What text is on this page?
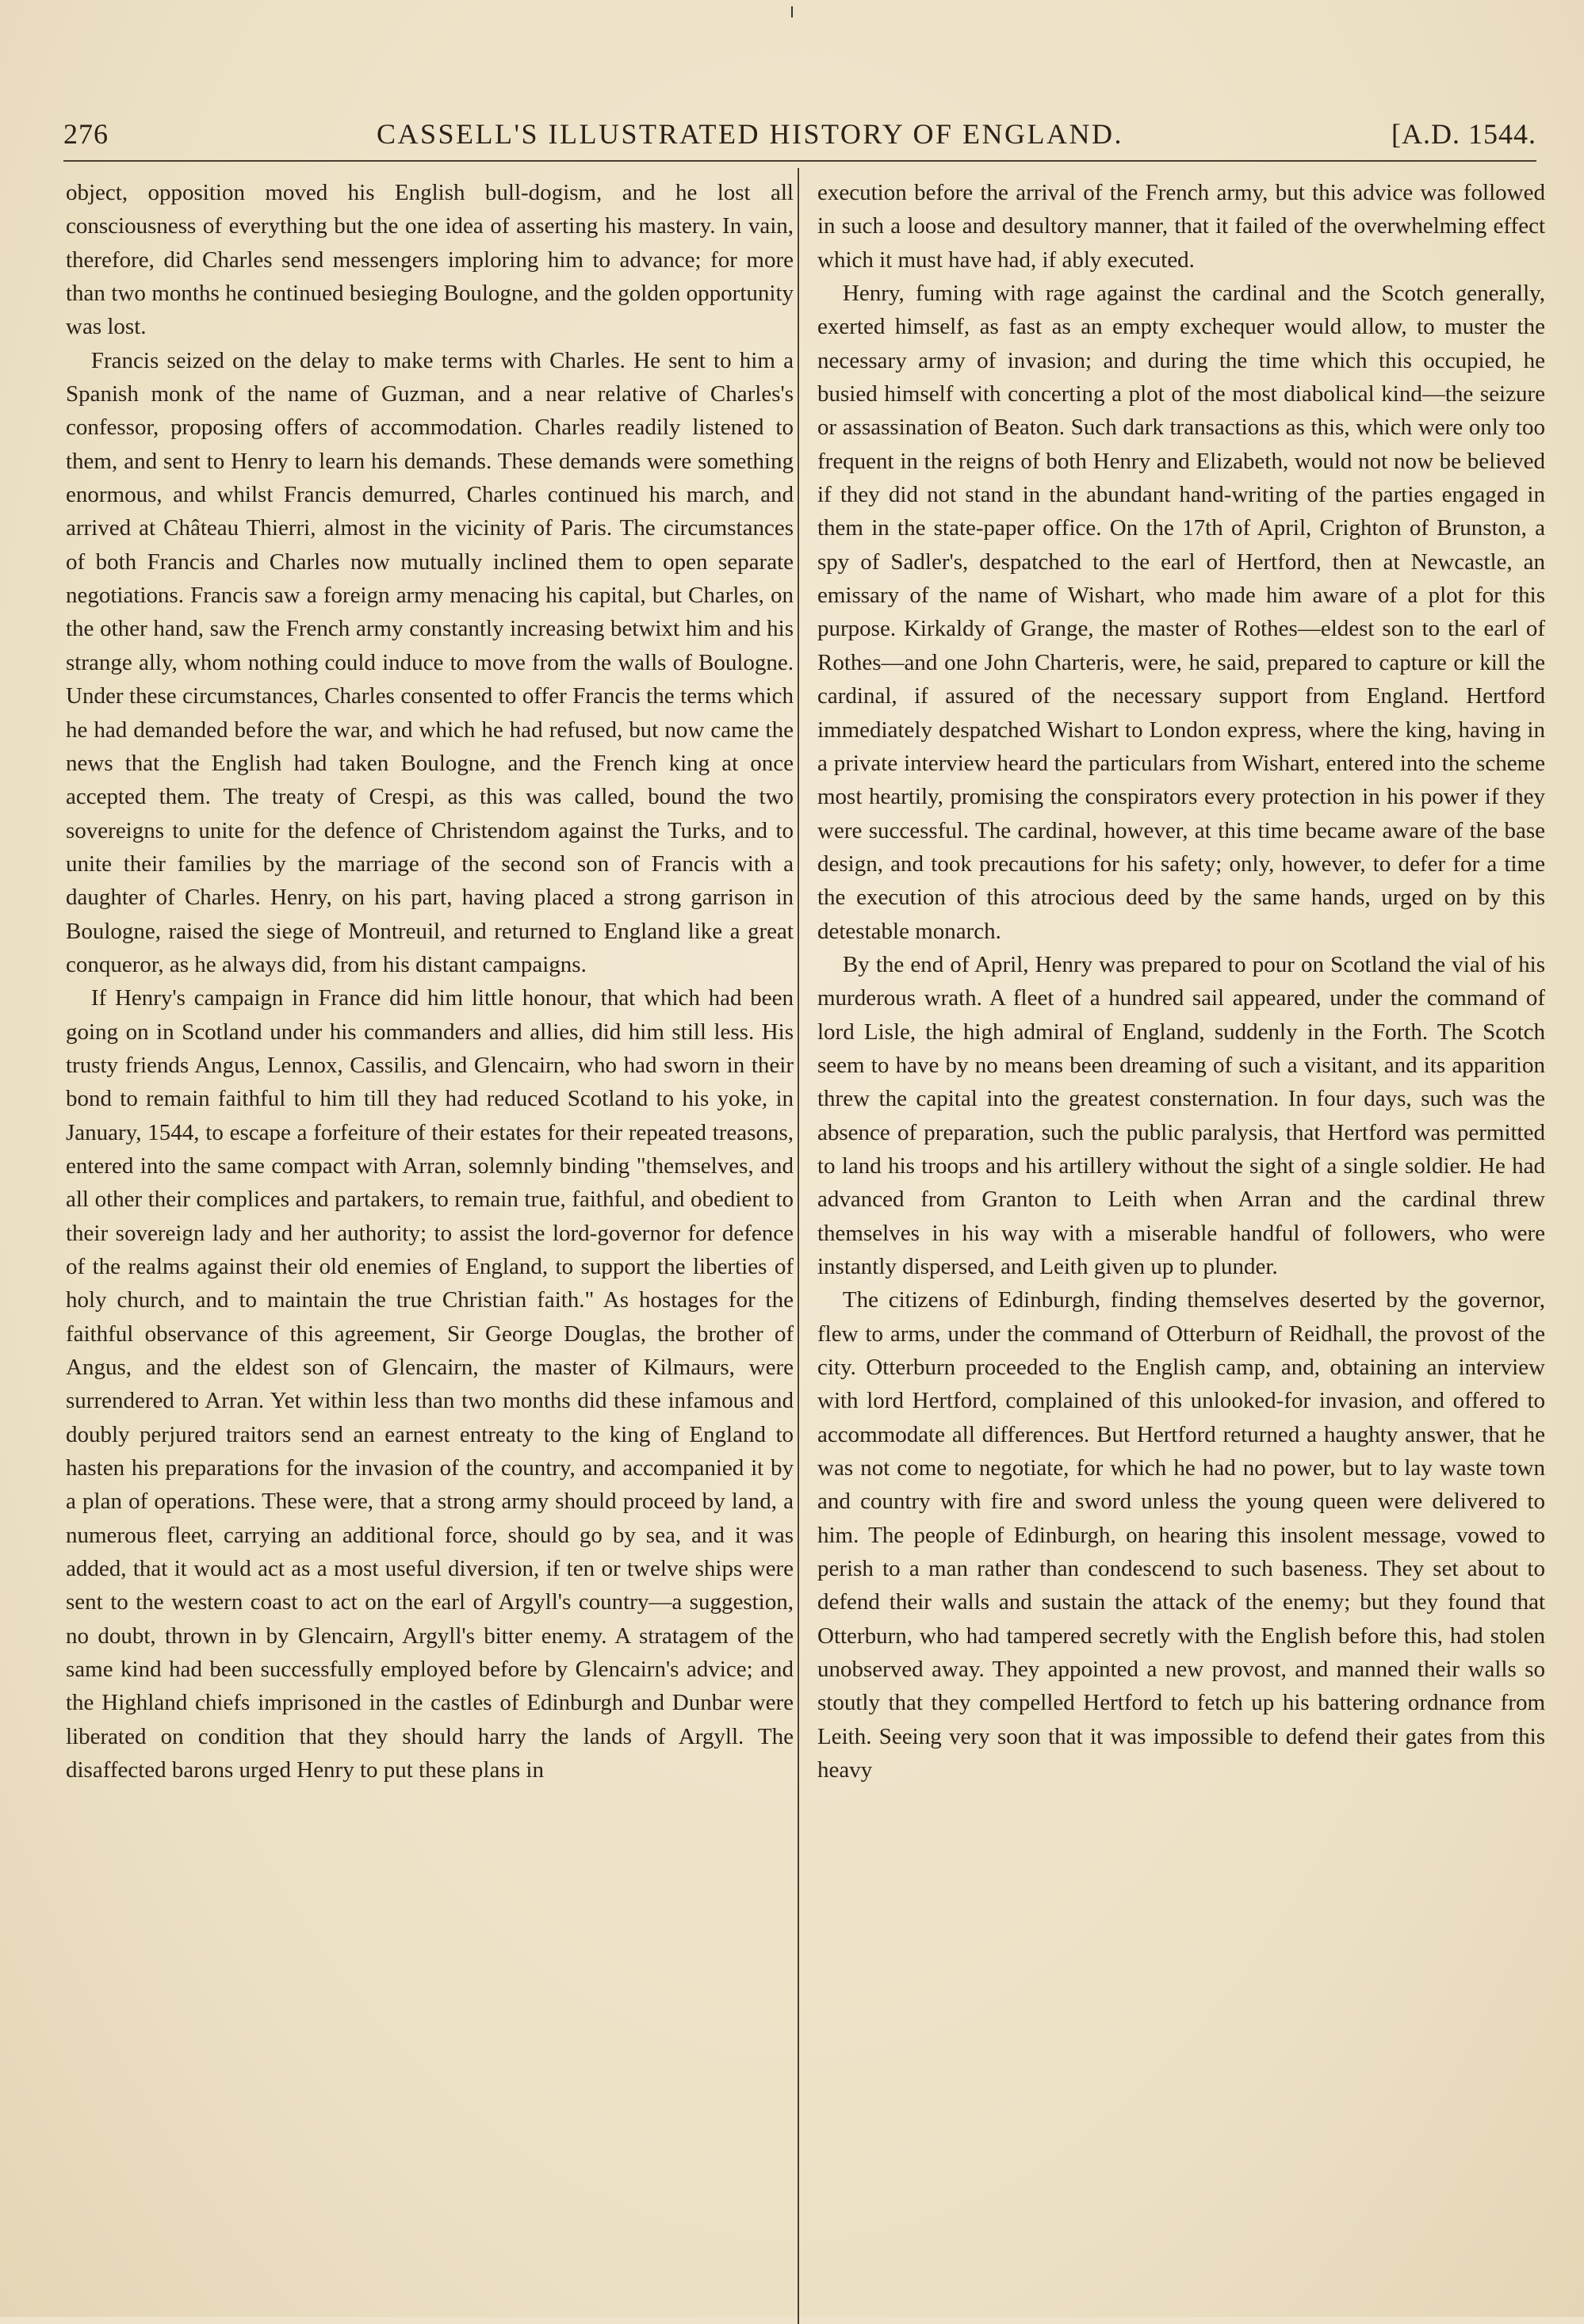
276	CASSELL'S ILLUSTRATED HISTORY OF ENGLAND.	[A.D. 1544.

object, opposition moved his English bull-dogism, and he lost all consciousness of everything but the one idea of asserting his mastery. In vain, therefore, did Charles send messengers imploring him to advance; for more than two months he continued besieging Boulogne, and the golden opportunity was lost.

Francis seized on the delay to make terms with Charles. He sent to him a Spanish monk of the name of Guzman, and a near relative of Charles's confessor, proposing offers of accommodation. Charles readily listened to them, and sent to Henry to learn his demands. These demands were something enormous, and whilst Francis demurred, Charles continued his march, and arrived at Château Thierri, almost in the vicinity of Paris. The circumstances of both Francis and Charles now mutually inclined them to open separate negotiations. Francis saw a foreign army menacing his capital, but Charles, on the other hand, saw the French army constantly increasing betwixt him and his strange ally, whom nothing could induce to move from the walls of Boulogne. Under these circumstances, Charles consented to offer Francis the terms which he had demanded before the war, and which he had refused, but now came the news that the English had taken Boulogne, and the French king at once accepted them. The treaty of Crespi, as this was called, bound the two sovereigns to unite for the defence of Christendom against the Turks, and to unite their families by the marriage of the second son of Francis with a daughter of Charles. Henry, on his part, having placed a strong garrison in Boulogne, raised the siege of Montreuil, and returned to England like a great conqueror, as he always did, from his distant campaigns.

If Henry's campaign in France did him little honour, that which had been going on in Scotland under his commanders and allies, did him still less. His trusty friends Angus, Lennox, Cassilis, and Glencairn, who had sworn in their bond to remain faithful to him till they had reduced Scotland to his yoke, in January, 1544, to escape a forfeiture of their estates for their repeated treasons, entered into the same compact with Arran, solemnly binding "themselves, and all other their complices and partakers, to remain true, faithful, and obedient to their sovereign lady and her authority; to assist the lord-governor for defence of the realms against their old enemies of England, to support the liberties of holy church, and to maintain the true Christian faith." As hostages for the faithful observance of this agreement, Sir George Douglas, the brother of Angus, and the eldest son of Glencairn, the master of Kilmaurs, were surrendered to Arran. Yet within less than two months did these infamous and doubly perjured traitors send an earnest entreaty to the king of England to hasten his preparations for the invasion of the country, and accompanied it by a plan of operations. These were, that a strong army should proceed by land, a numerous fleet, carrying an additional force, should go by sea, and it was added, that it would act as a most useful diversion, if ten or twelve ships were sent to the western coast to act on the earl of Argyll's country—a suggestion, no doubt, thrown in by Glencairn, Argyll's bitter enemy. A stratagem of the same kind had been successfully employed before by Glencairn's advice; and the Highland chiefs imprisoned in the castles of Edinburgh and Dunbar were liberated on condition that they should harry the lands of Argyll. The disaffected barons urged Henry to put these plans in

execution before the arrival of the French army, but this advice was followed in such a loose and desultory manner, that it failed of the overwhelming effect which it must have had, if ably executed.

Henry, fuming with rage against the cardinal and the Scotch generally, exerted himself, as fast as an empty exchequer would allow, to muster the necessary army of invasion; and during the time which this occupied, he busied himself with concerting a plot of the most diabolical kind—the seizure or assassination of Beaton. Such dark transactions as this, which were only too frequent in the reigns of both Henry and Elizabeth, would not now be believed if they did not stand in the abundant hand-writing of the parties engaged in them in the state-paper office. On the 17th of April, Crighton of Brunston, a spy of Sadler's, despatched to the earl of Hertford, then at Newcastle, an emissary of the name of Wishart, who made him aware of a plot for this purpose. Kirkaldy of Grange, the master of Rothes—eldest son to the earl of Rothes—and one John Charteris, were, he said, prepared to capture or kill the cardinal, if assured of the necessary support from England. Hertford immediately despatched Wishart to London express, where the king, having in a private interview heard the particulars from Wishart, entered into the scheme most heartily, promising the conspirators every protection in his power if they were successful. The cardinal, however, at this time became aware of the base design, and took precautions for his safety; only, however, to defer for a time the execution of this atrocious deed by the same hands, urged on by this detestable monarch.

By the end of April, Henry was prepared to pour on Scotland the vial of his murderous wrath. A fleet of a hundred sail appeared, under the command of lord Lisle, the high admiral of England, suddenly in the Forth. The Scotch seem to have by no means been dreaming of such a visitant, and its apparition threw the capital into the greatest consternation. In four days, such was the absence of preparation, such the public paralysis, that Hertford was permitted to land his troops and his artillery without the sight of a single soldier. He had advanced from Granton to Leith when Arran and the cardinal threw themselves in his way with a miserable handful of followers, who were instantly dispersed, and Leith given up to plunder.

The citizens of Edinburgh, finding themselves deserted by the governor, flew to arms, under the command of Otterburn of Reidhall, the provost of the city. Otterburn proceeded to the English camp, and, obtaining an interview with lord Hertford, complained of this unlooked-for invasion, and offered to accommodate all differences. But Hertford returned a haughty answer, that he was not come to negotiate, for which he had no power, but to lay waste town and country with fire and sword unless the young queen were delivered to him. The people of Edinburgh, on hearing this insolent message, vowed to perish to a man rather than condescend to such baseness. They set about to defend their walls and sustain the attack of the enemy; but they found that Otterburn, who had tampered secretly with the English before this, had stolen unobserved away. They appointed a new provost, and manned their walls so stoutly that they compelled Hertford to fetch up his battering ordnance from Leith. Seeing very soon that it was impossible to defend their gates from this heavy
